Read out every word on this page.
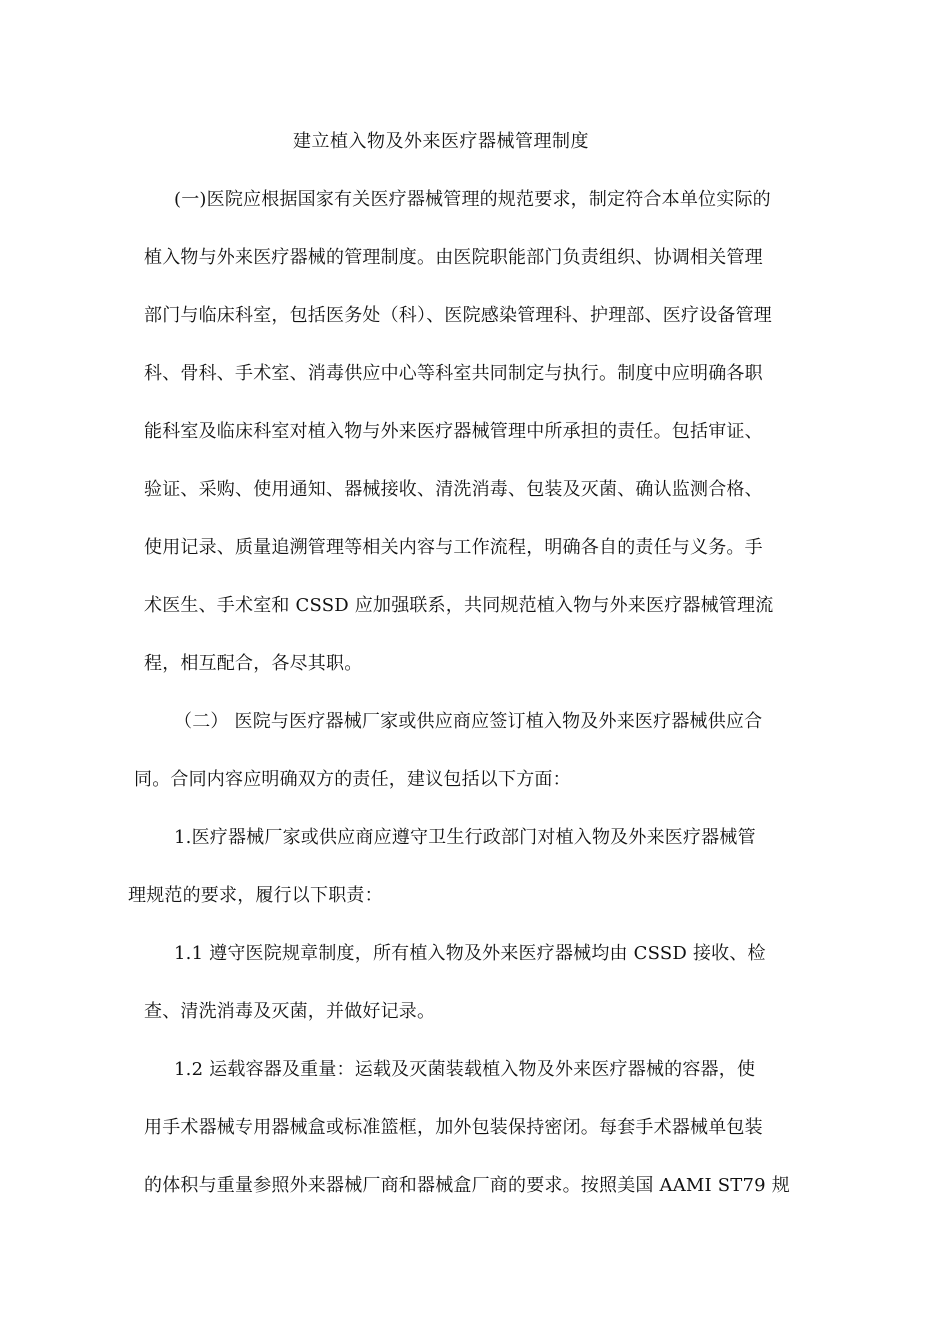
建立植入物及外来医疗器械管理制度
(一)医院应根据国家有关医疗器械管理的规范要求，制定符合本单位实际的
植入物与外来医疗器械的管理制度。由医院职能部门负责组织、协调相关管理
部门与临床科室，包括医务处（科）、医院感染管理科、护理部、医疗设备管理
科、骨科、手术室、消毒供应中心等科室共同制定与执行。制度中应明确各职
能科室及临床科室对植入物与外来医疗器械管理中所承担的责任。包括审证、
验证、采购、使用通知、器械接收、清洗消毒、包装及灭菌、确认监测合格、
使用记录、质量追溯管理等相关内容与工作流程，明确各自的责任与义务。手
术医生、手术室和 CSSD 应加强联系，共同规范植入物与外来医疗器械管理流
程，相互配合，各尽其职。
（二） 医院与医疗器械厂家或供应商应签订植入物及外来医疗器械供应合
同。合同内容应明确双方的责任，建议包括以下方面：
1.医疗器械厂家或供应商应遵守卫生行政部门对植入物及外来医疗器械管
理规范的要求，履行以下职责：
1.1 遵守医院规章制度，所有植入物及外来医疗器械均由 CSSD 接收、检
查、清洗消毒及灭菌，并做好记录。
1.2 运载容器及重量：运载及灭菌装载植入物及外来医疗器械的容器，使
用手术器械专用器械盒或标准篮框，加外包装保持密闭。每套手术器械单包装
的体积与重量参照外来器械厂商和器械盒厂商的要求。按照美国 AAMI ST79 规
